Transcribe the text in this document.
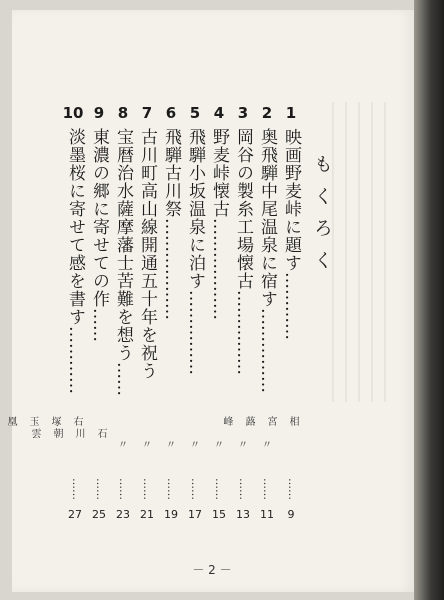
もくろく
1
映画野麦峠に題す…………
相
宮
蕗
峰
……
9
2
奥飛騨中尾温泉に宿す……………
〃
……
11
3
岡谷の製糸工場懐古……………
〃
……
13
4
野麦峠懐古………………
〃
……
15
5
飛騨小坂温泉に泊す……………
〃
……
17
6
飛騨古川祭………………
〃
……
19
7
古川町高山線開通五十年を祝う
〃
……
21
8
宝暦治水薩摩藩士苦難を想う……
〃
……
23
9
東濃の郷に寄せての作……
石
川
朝
雲
……
25
10
淡墨桜に寄せて感を書す…………
右
塚
玉
凰
……
27
－ 2 －
